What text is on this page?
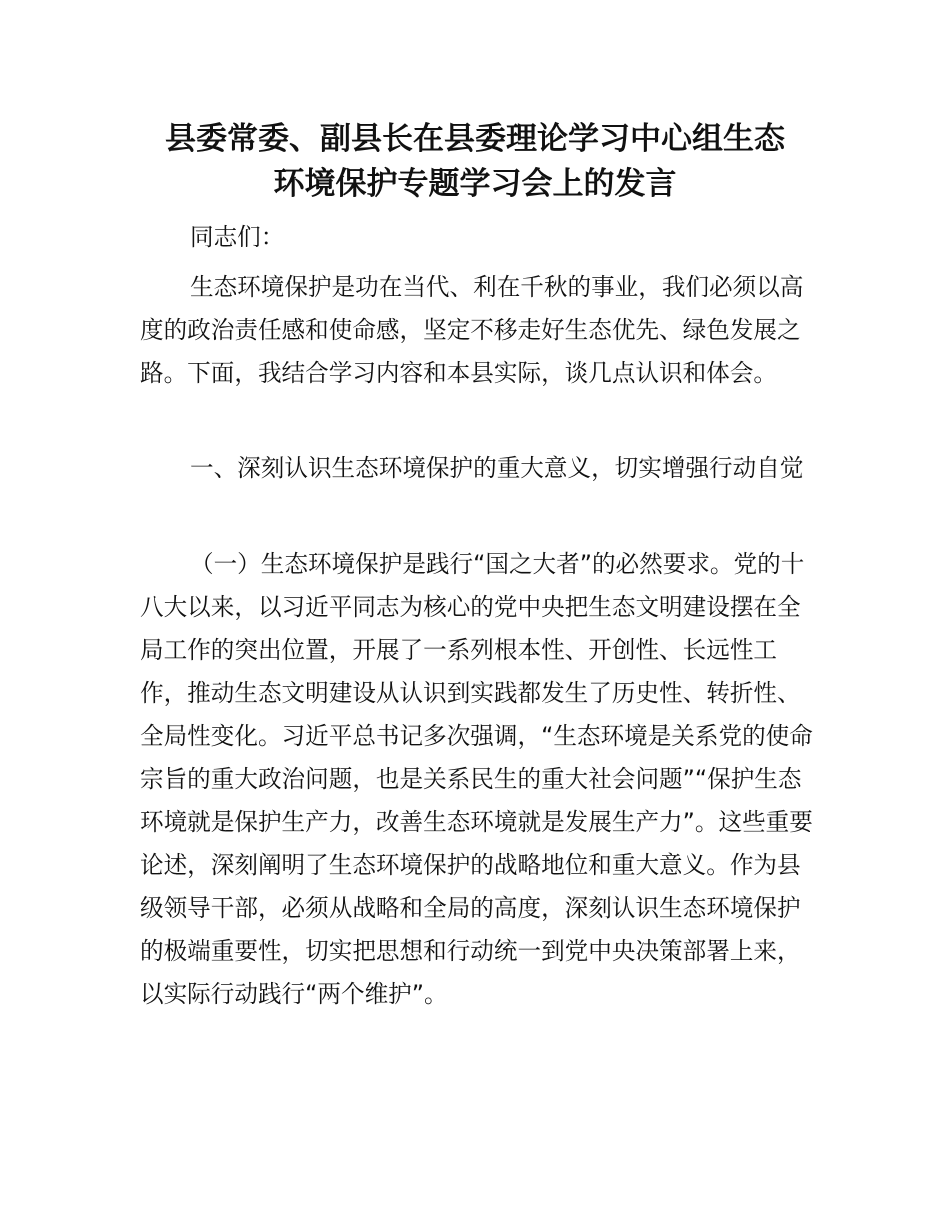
县委常委、副县长在县委理论学习中心组生态
环境保护专题学习会上的发言

同志们：

生态环境保护是功在当代、利在千秋的事业，我们必须以高度的政治责任感和使命感，坚定不移走好生态优先、绿色发展之路。下面，我结合学习内容和本县实际，谈几点认识和体会。

一、深刻认识生态环境保护的重大意义，切实增强行动自觉

（一）生态环境保护是践行“国之大者”的必然要求。党的十八大以来，以习近平同志为核心的党中央把生态文明建设摆在全局工作的突出位置，开展了一系列根本性、开创性、长远性工作，推动生态文明建设从认识到实践都发生了历史性、转折性、全局性变化。习近平总书记多次强调，“生态环境是关系党的使命宗旨的重大政治问题，也是关系民生的重大社会问题”“保护生态环境就是保护生产力，改善生态环境就是发展生产力”。这些重要论述，深刻阐明了生态环境保护的战略地位和重大意义。作为县级领导干部，必须从战略和全局的高度，深刻认识生态环境保护的极端重要性，切实把思想和行动统一到党中央决策部署上来，以实际行动践行“两个维护”。
